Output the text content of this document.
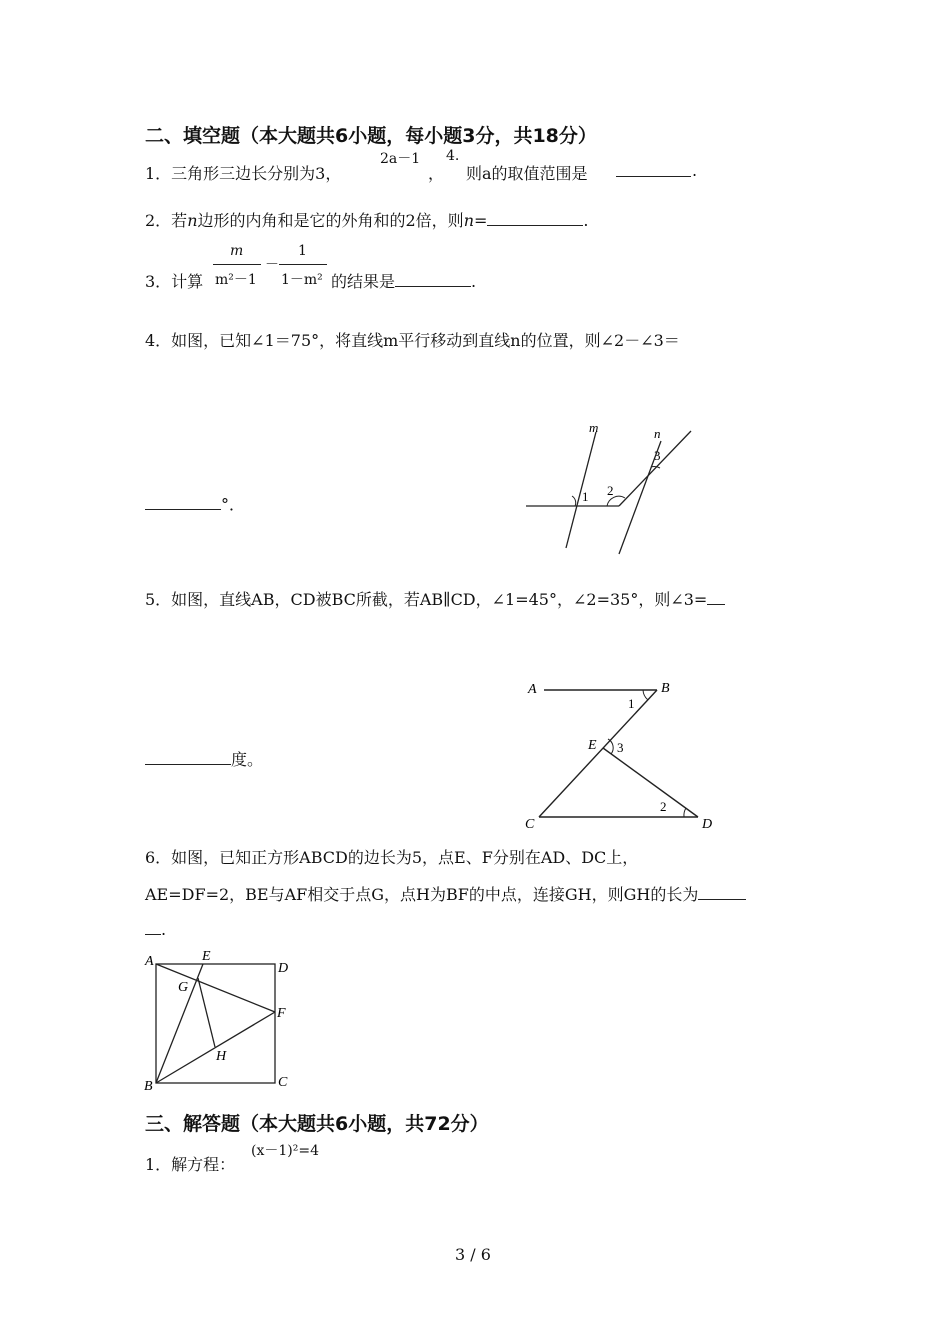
二、填空题（本大题共6小题，每小题3分，共18分）
1．三角形三边长分别为3，
2a－1
，
4.
则a的取值范围是	.
2．若n边形的内角和是它的外角和的2倍，则n=	.
3．计算
m
m²－1
－
1
1－m² 的结果是	.
4．如图，已知∠1＝75°，将直线m平行移动到直线n的位置，则∠2－∠3＝
°．
m	n
1 2
3
5．如图，直线AB，CD被BC所截，若AB∥CD，∠1=45°，∠2=35°，则∠3=
度。
A	B
C	D
E
1
2
3
6．如图，已知正方形ABCD的边长为5，点E、F分别在AD、DC上，
AE=DF=2，BE与AF相交于点G，点H为BF的中点，连接GH，则GH的长为
.
A	E
D
G
F
H
B	C
三、解答题（本大题共6小题，共72分）
1．解方程：
(x－1)²=4
3 / 6
